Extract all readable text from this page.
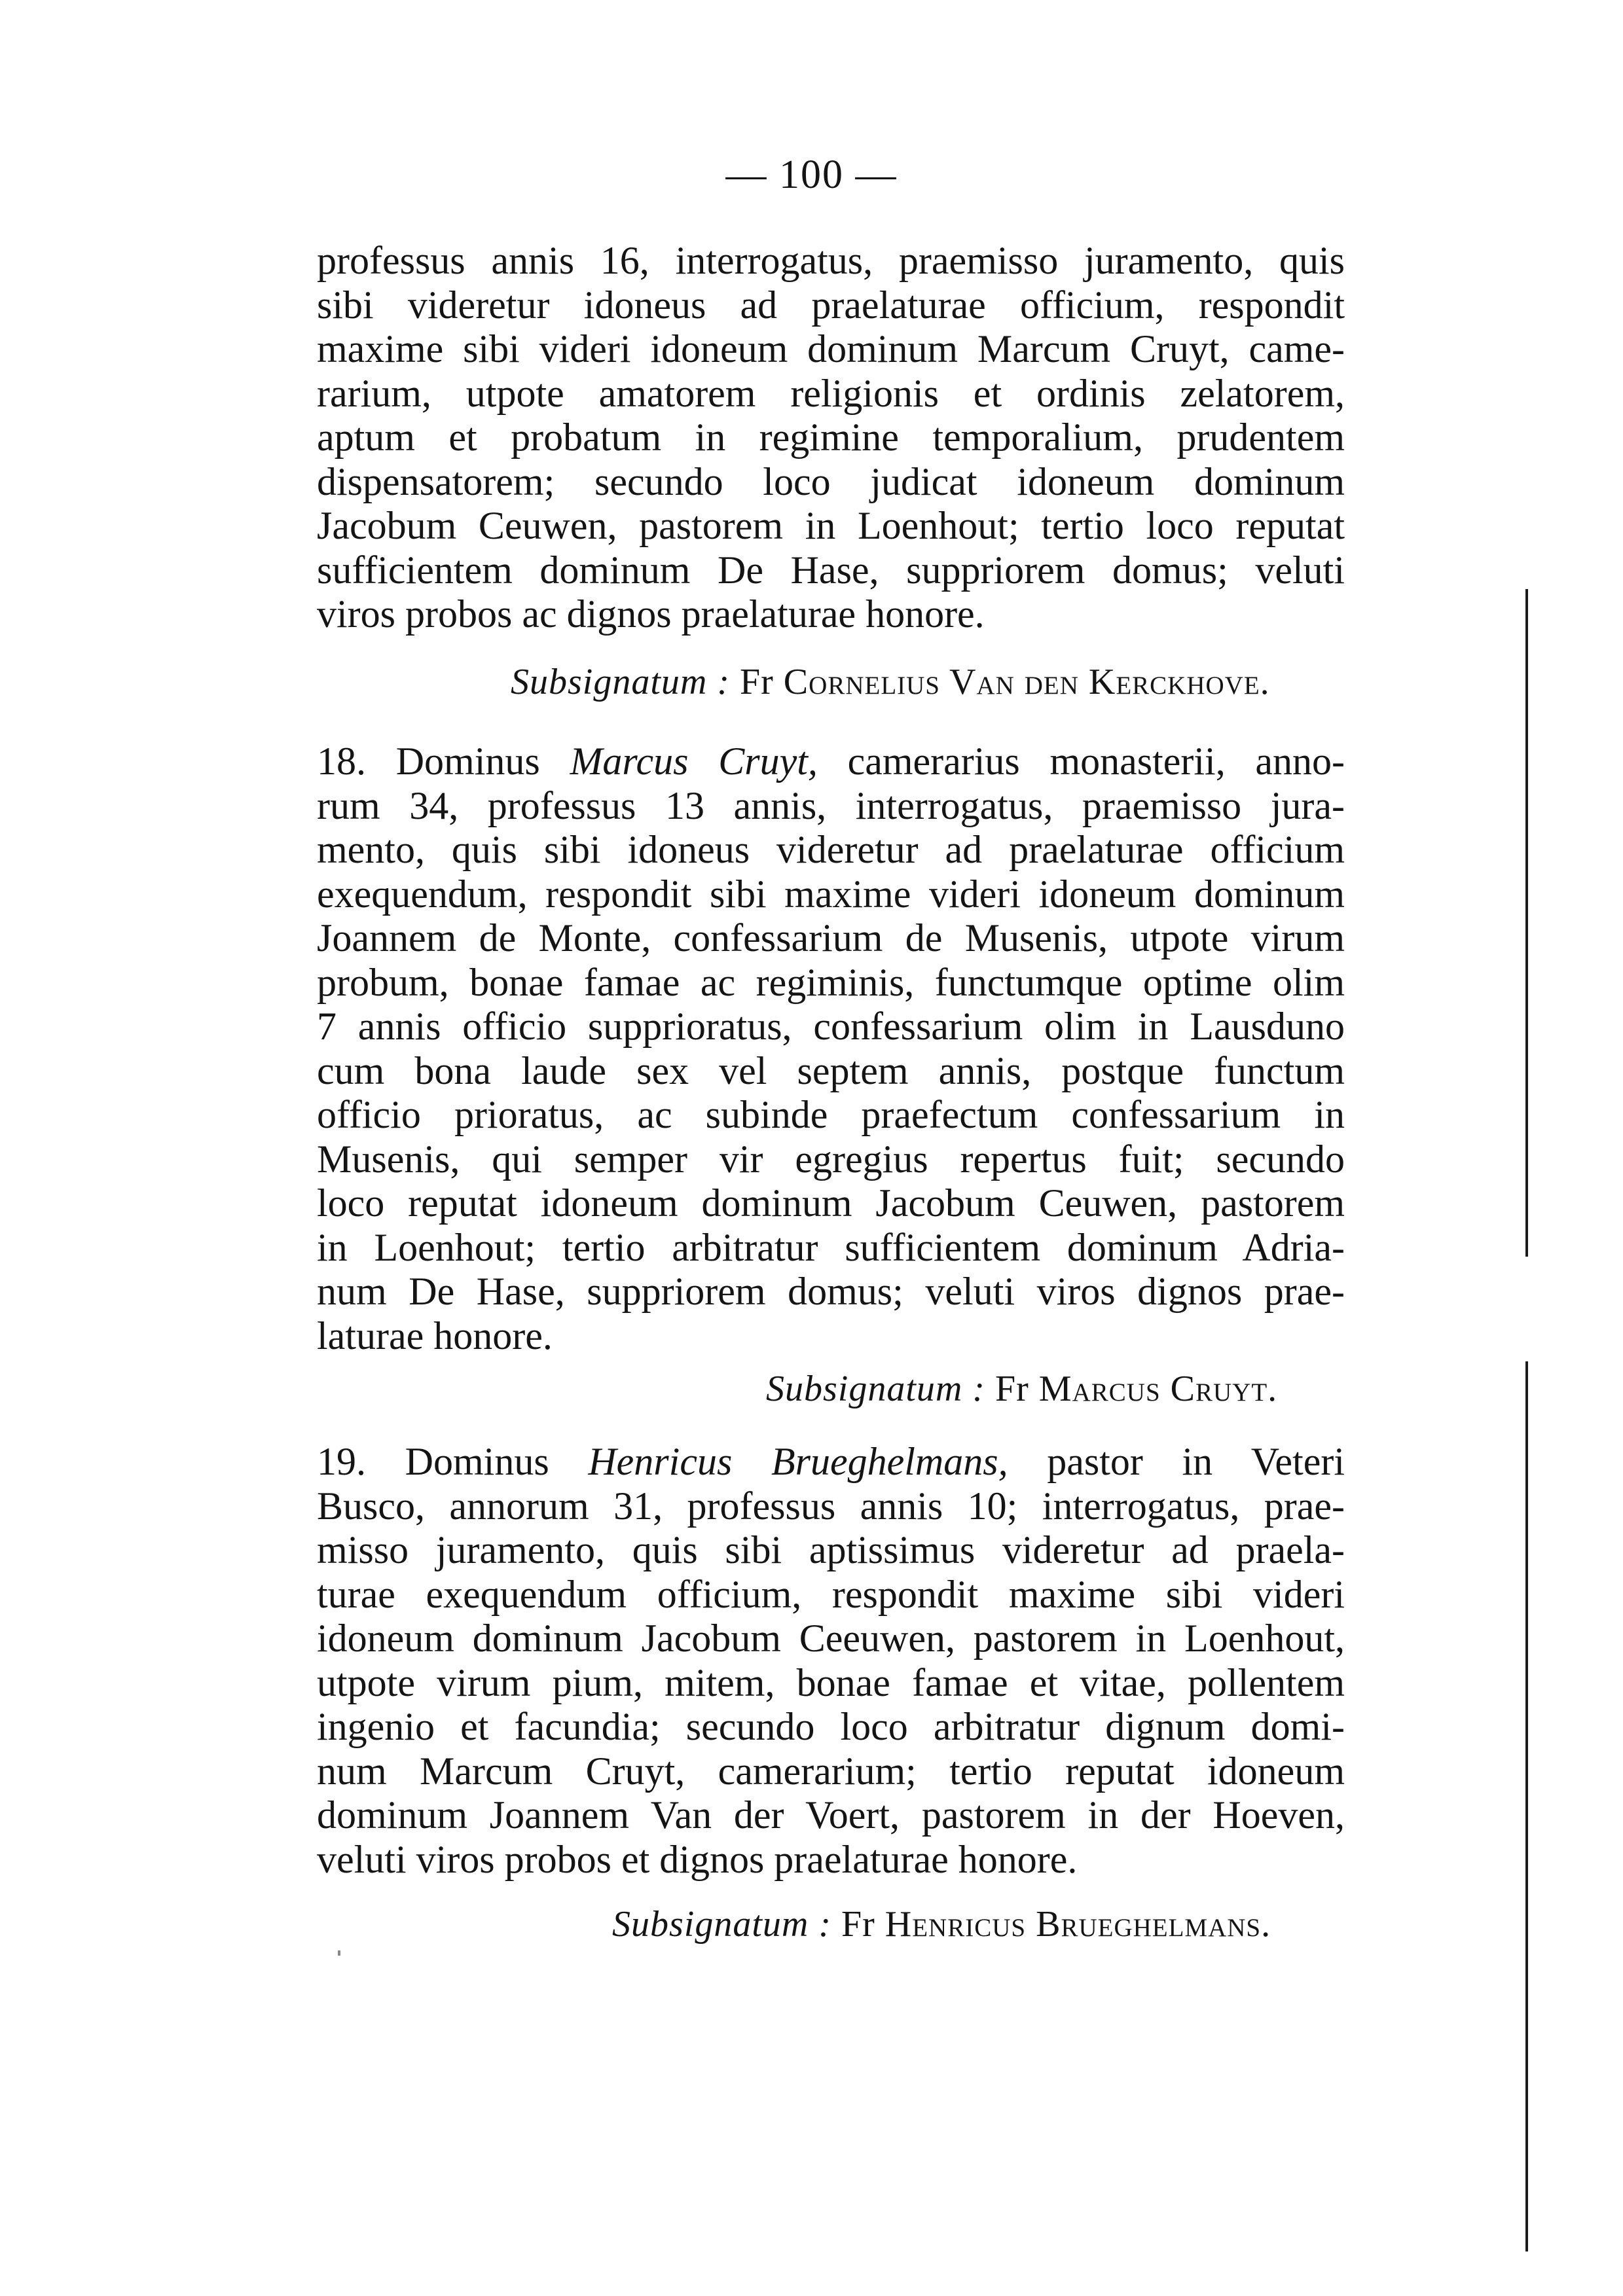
— 100 —
professus annis 16, interrogatus, praemisso juramento, quis
sibi videretur idoneus ad praelaturae officium, respondit
maxime sibi videri idoneum dominum Marcum Cruyt, came-
rarium, utpote amatorem religionis et ordinis zelatorem,
aptum et probatum in regimine temporalium, prudentem
dispensatorem; secundo loco judicat idoneum dominum
Jacobum Ceuwen, pastorem in Loenhout; tertio loco reputat
sufficientem dominum De Hase, suppriorem domus; veluti
viros probos ac dignos praelaturae honore.
Subsignatum : Fr Cornelius Van den Kerckhove.
18. Dominus Marcus Cruyt, camerarius monasterii, anno-
rum 34, professus 13 annis, interrogatus, praemisso jura-
mento, quis sibi idoneus videretur ad praelaturae officium
exequendum, respondit sibi maxime videri idoneum dominum
Joannem de Monte, confessarium de Musenis, utpote virum
probum, bonae famae ac regiminis, functumque optime olim
7 annis officio supprioratus, confessarium olim in Lausduno
cum bona laude sex vel septem annis, postque functum
officio prioratus, ac subinde praefectum confessarium in
Musenis, qui semper vir egregius repertus fuit; secundo
loco reputat idoneum dominum Jacobum Ceuwen, pastorem
in Loenhout; tertio arbitratur sufficientem dominum Adria-
num De Hase, suppriorem domus; veluti viros dignos prae-
laturae honore.
Subsignatum : Fr Marcus Cruyt.
19. Dominus Henricus Brueghelmans, pastor in Veteri
Busco, annorum 31, professus annis 10; interrogatus, prae-
misso juramento, quis sibi aptissimus videretur ad praela-
turae exequendum officium, respondit maxime sibi videri
idoneum dominum Jacobum Ceeuwen, pastorem in Loenhout,
utpote virum pium, mitem, bonae famae et vitae, pollentem
ingenio et facundia; secundo loco arbitratur dignum domi-
num Marcum Cruyt, camerarium; tertio reputat idoneum
dominum Joannem Van der Voert, pastorem in der Hoeven,
veluti viros probos et dignos praelaturae honore.
Subsignatum : Fr Henricus Brueghelmans.
